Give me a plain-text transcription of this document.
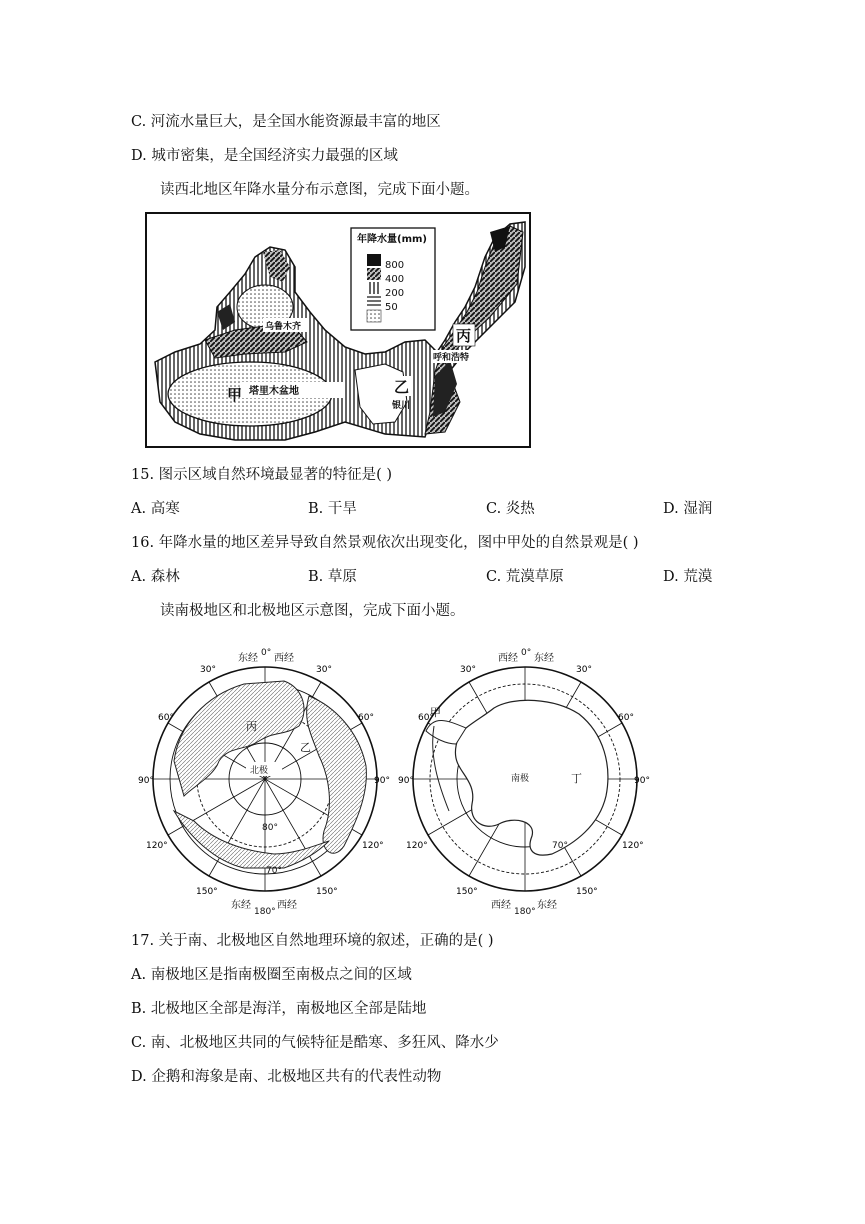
C. 河流水量巨大，是全国水能资源最丰富的地区
D. 城市密集，是全国经济实力最强的区域
读西北地区年降水量分布示意图，完成下面小题。
年降水量(mm)
800
400
200
50
甲 塔里木盆地
乌鲁木齐
乙
银川
丙
呼和浩特
15. 图示区域自然环境最显著的特征是( )
A. 高寒	B. 干旱	C. 炎热	D. 湿润
16. 年降水量的地区差异导致自然景观依次出现变化，图中甲处的自然景观是( )
A. 森林	B. 草原	C. 荒漠草原	D. 荒漠
读南极地区和北极地区示意图，完成下面小题。
北极
丙
乙
80°
70°
东经 0° 西经
东经
180°
西经
30°	30°
60°	60°
90°	90°
120°	120°
150°	150°
南极
甲
丁
70°
西经 0° 东经
西经
180°
东经
30°	30°
60°	60°
90°	90°
120°	120°
150°	150°
17. 关于南、北极地区自然地理环境的叙述，正确的是( )
A. 南极地区是指南极圈至南极点之间的区域
B. 北极地区全部是海洋，南极地区全部是陆地
C. 南、北极地区共同的气候特征是酷寒、多狂风、降水少
D. 企鹅和海象是南、北极地区共有的代表性动物
